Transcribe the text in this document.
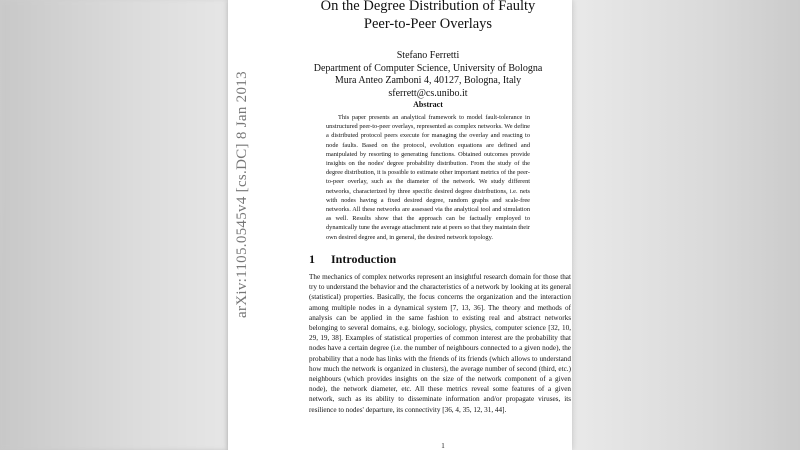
arXiv:1105.0545v4 [cs.DC] 8 Jan 2013
On the Degree Distribution of Faulty
Peer-to-Peer Overlays
Stefano Ferretti
Department of Computer Science, University of Bologna
Mura Anteo Zamboni 4, 40127, Bologna, Italy
sferrett@cs.unibo.it
Abstract
This paper presents an analytical framework to model fault-tolerance in unstructured peer-to-peer overlays, represented as complex networks. We define a distributed protocol peers execute for managing the overlay and reacting to node faults. Based on the protocol, evolution equations are defined and manipulated by resorting to generating functions. Obtained outcomes provide insights on the nodes' degree probability distribution. From the study of the degree distribution, it is possible to estimate other important metrics of the peer-to-peer overlay, such as the diameter of the network. We study different networks, characterized by three specific desired degree distributions, i.e. nets with nodes having a fixed desired degree, random graphs and scale-free networks. All these networks are assessed via the analytical tool and simulation as well. Results show that the approach can be factually employed to dynamically tune the average attachment rate at peers so that they maintain their own desired degree and, in general, the desired network topology.
1 Introduction
The mechanics of complex networks represent an insightful research domain for those that try to understand the behavior and the characteristics of a network by looking at its general (statistical) properties. Basically, the focus concerns the organization and the interaction among multiple nodes in a dynamical system [7, 13, 36]. The theory and methods of analysis can be applied in the same fashion to existing real and abstract networks belonging to several domains, e.g. biology, sociology, physics, computer science [32, 10, 29, 19, 38]. Examples of statistical properties of common interest are the probability that nodes have a certain degree (i.e. the number of neighbours connected to a given node), the probability that a node has links with the friends of its friends (which allows to understand how much the network is organized in clusters), the average number of second (third, etc.) neighbours (which provides insights on the size of the network component of a given node), the network diameter, etc. All these metrics reveal some features of a given network, such as its ability to disseminate information and/or propagate viruses, its resilience to nodes' departure, its connectivity [36, 4, 35, 12, 31, 44].
1
